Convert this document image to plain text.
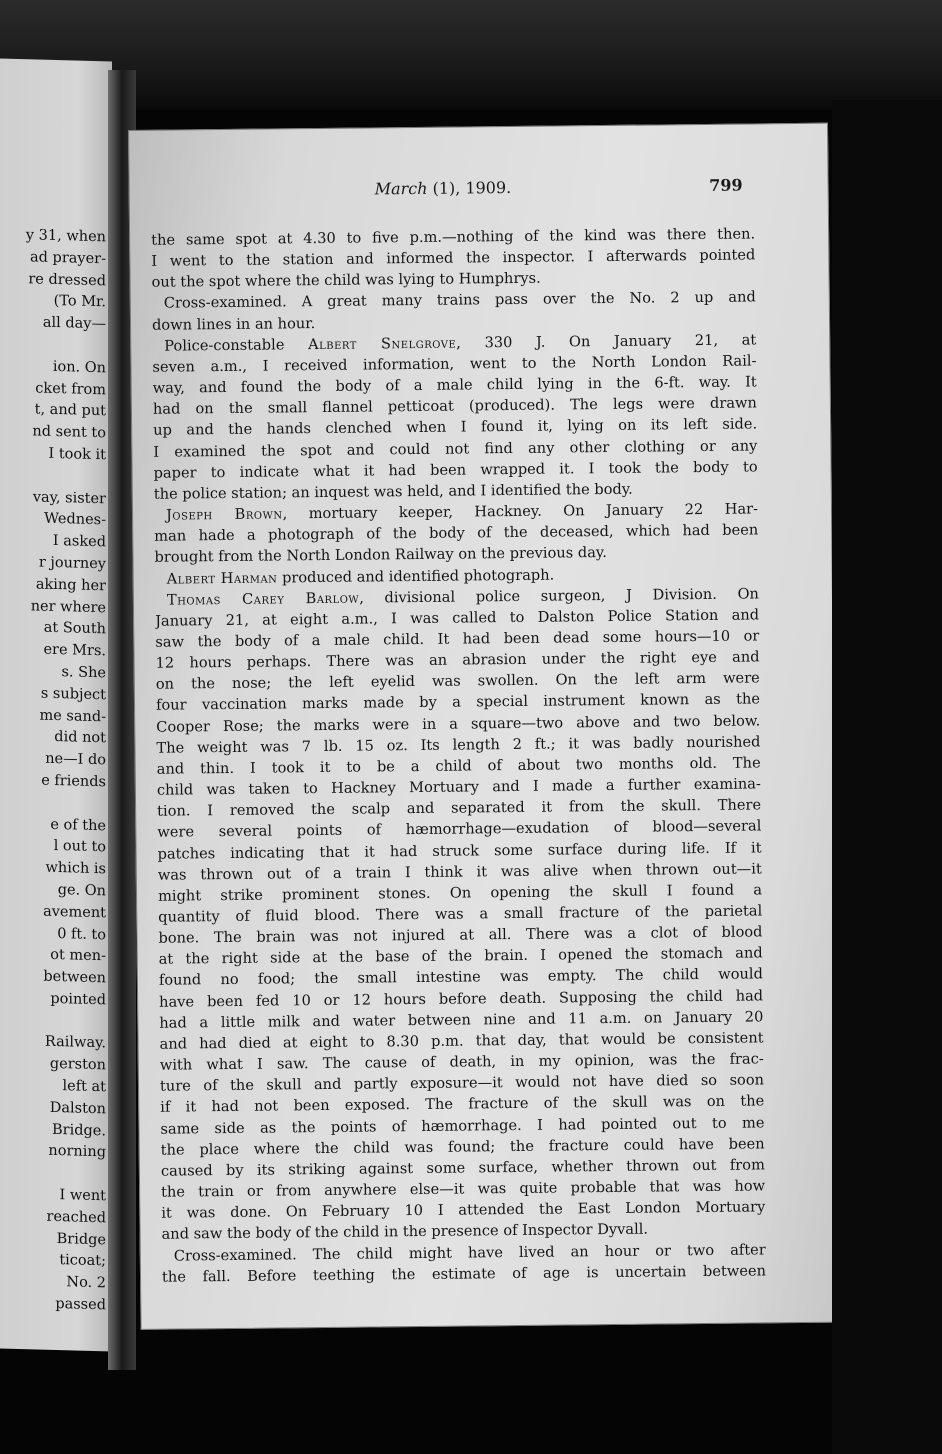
y 31, when
ad prayer-
re dressed
(To Mr.
all day—

ion. On
cket from
t, and put
nd sent to
I took it

vay, sister
Wednes-
I asked
r journey
aking her
ner where
at South
ere Mrs.
s. She
s subject
me sand-
did not
ne—I do
e friends

e of the
l out to
which is
ge. On
avement
0 ft. to
ot men-
between
pointed

Railway.
gerston
left at
Dalston
Bridge.
norning

I went
reached
Bridge
ticoat;
No. 2
passed
March (1), 1909.	799
the same spot at 4.30 to five p.m.—nothing of the kind was there then.
I went to the station and informed the inspector. I afterwards pointed
out the spot where the child was lying to Humphrys.
Cross-examined. A great many trains pass over the No. 2 up and
down lines in an hour.
Police-constable Albert Snelgrove, 330 J. On January 21, at
seven a.m., I received information, went to the North London Rail-
way, and found the body of a male child lying in the 6-ft. way. It
had on the small flannel petticoat (produced). The legs were drawn
up and the hands clenched when I found it, lying on its left side.
I examined the spot and could not find any other clothing or any
paper to indicate what it had been wrapped it. I took the body to
the police station; an inquest was held, and I identified the body.
Joseph Brown, mortuary keeper, Hackney. On January 22 Har-
man hade a photograph of the body of the deceased, which had been
brought from the North London Railway on the previous day.
Albert Harman produced and identified photograph.
Thomas Carey Barlow, divisional police surgeon, J Division. On
January 21, at eight a.m., I was called to Dalston Police Station and
saw the body of a male child. It had been dead some hours—10 or
12 hours perhaps. There was an abrasion under the right eye and
on the nose; the left eyelid was swollen. On the left arm were
four vaccination marks made by a special instrument known as the
Cooper Rose; the marks were in a square—two above and two below.
The weight was 7 lb. 15 oz. Its length 2 ft.; it was badly nourished
and thin. I took it to be a child of about two months old. The
child was taken to Hackney Mortuary and I made a further examina-
tion. I removed the scalp and separated it from the skull. There
were several points of hæmorrhage—exudation of blood—several
patches indicating that it had struck some surface during life. If it
was thrown out of a train I think it was alive when thrown out—it
might strike prominent stones. On opening the skull I found a
quantity of fluid blood. There was a small fracture of the parietal
bone. The brain was not injured at all. There was a clot of blood
at the right side at the base of the brain. I opened the stomach and
found no food; the small intestine was empty. The child would
have been fed 10 or 12 hours before death. Supposing the child had
had a little milk and water between nine and 11 a.m. on January 20
and had died at eight to 8.30 p.m. that day, that would be consistent
with what I saw. The cause of death, in my opinion, was the frac-
ture of the skull and partly exposure—it would not have died so soon
if it had not been exposed. The fracture of the skull was on the
same side as the points of hæmorrhage. I had pointed out to me
the place where the child was found; the fracture could have been
caused by its striking against some surface, whether thrown out from
the train or from anywhere else—it was quite probable that was how
it was done. On February 10 I attended the East London Mortuary
and saw the body of the child in the presence of Inspector Dyvall.
Cross-examined. The child might have lived an hour or two after
the fall. Before teething the estimate of age is uncertain between
